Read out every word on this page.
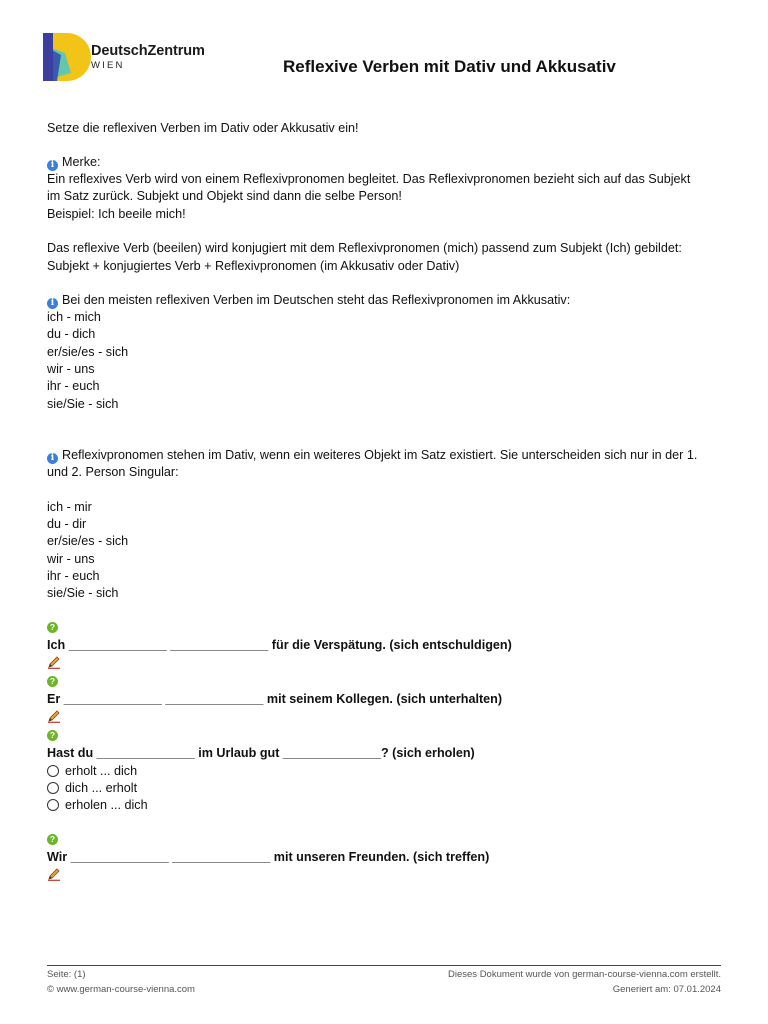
DeutschZentrum
WIEN	Reflexive Verben mit Dativ und Akkusativ
Setze die reflexiven Verben im Dativ oder Akkusativ ein!
i Merke:
Ein reflexives Verb wird von einem Reflexivpronomen begleitet. Das Reflexivpronomen bezieht sich auf das Subjekt
im Satz zurück. Subjekt und Objekt sind dann die selbe Person!
Beispiel: Ich beeile mich!
Das reflexive Verb (beeilen) wird konjugiert mit dem Reflexivpronomen (mich) passend zum Subjekt (Ich) gebildet:
Subjekt + konjugiertes Verb + Reflexivpronomen (im Akkusativ oder Dativ)
i Bei den meisten reflexiven Verben im Deutschen steht das Reflexivpronomen im Akkusativ:
ich - mich
du - dich
er/sie/es - sich
wir - uns
ihr - euch
sie/Sie - sich
i Reflexivpronomen stehen im Dativ, wenn ein weiteres Objekt im Satz existiert. Sie unterscheiden sich nur in der 1.
und 2. Person Singular:
ich - mir
du - dir
er/sie/es - sich
wir - uns
ihr - euch
sie/Sie - sich
?
Ich ______________ ______________ für die Verspätung. (sich entschuldigen)
?
Er ______________ ______________ mit seinem Kollegen. (sich unterhalten)
?
Hast du ______________ im Urlaub gut ______________? (sich erholen)
erholt ... dich
dich ... erholt
erholen ... dich
?
Wir ______________ ______________ mit unseren Freunden. (sich treffen)
Seite: (1)
© www.german-course-vienna.com
Dieses Dokument wurde von german-course-vienna.com erstellt.
Generiert am: 07.01.2024
